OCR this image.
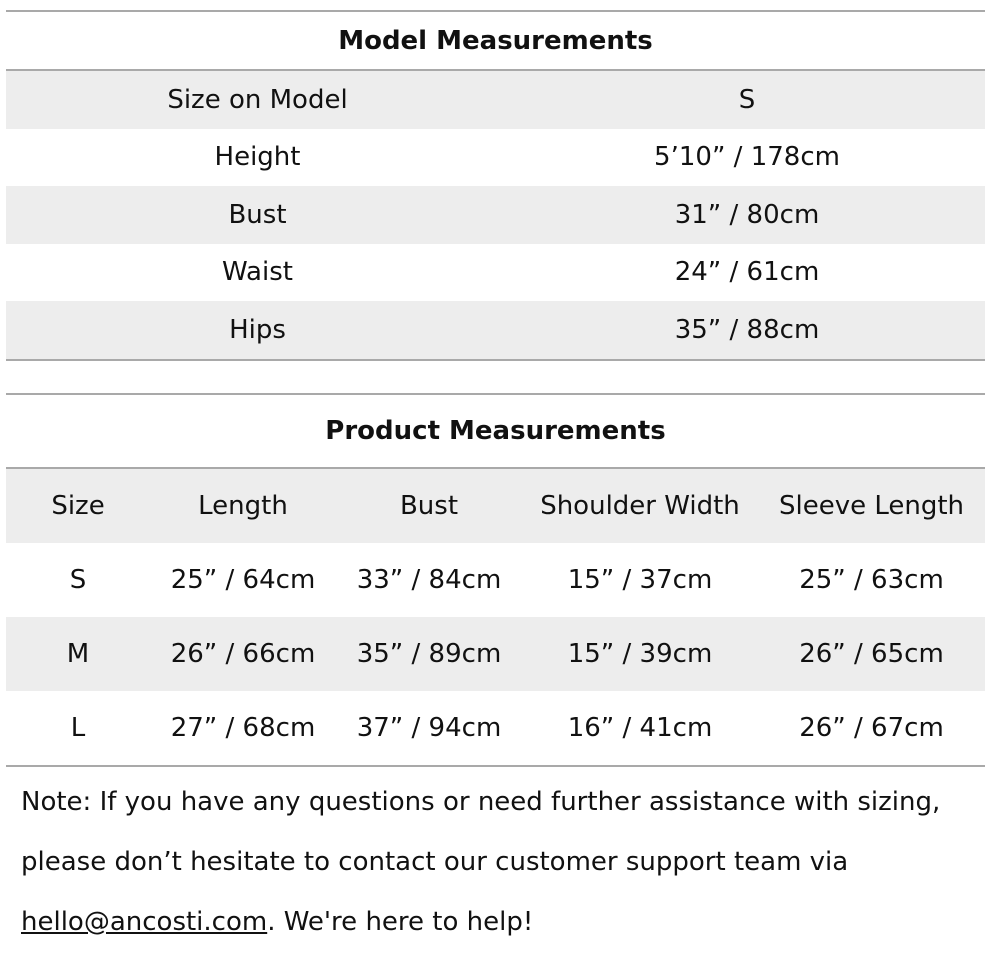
Model Measurements
Size on Model	S
Height	5’10” / 178cm
Bust	31” / 80cm
Waist	24” / 61cm
Hips	35” / 88cm
Product Measurements
Size	Length	Bust	Shoulder Width	Sleeve Length
S	25” / 64cm	33” / 84cm	15” / 37cm	25” / 63cm
M	26” / 66cm	35” / 89cm	15” / 39cm	26” / 65cm
L	27” / 68cm	37” / 94cm	16” / 41cm	26” / 67cm
Note: If you have any questions or need further assistance with sizing,
please don’t hesitate to contact our customer support team via
hello@ancosti.com. We're here to help!
